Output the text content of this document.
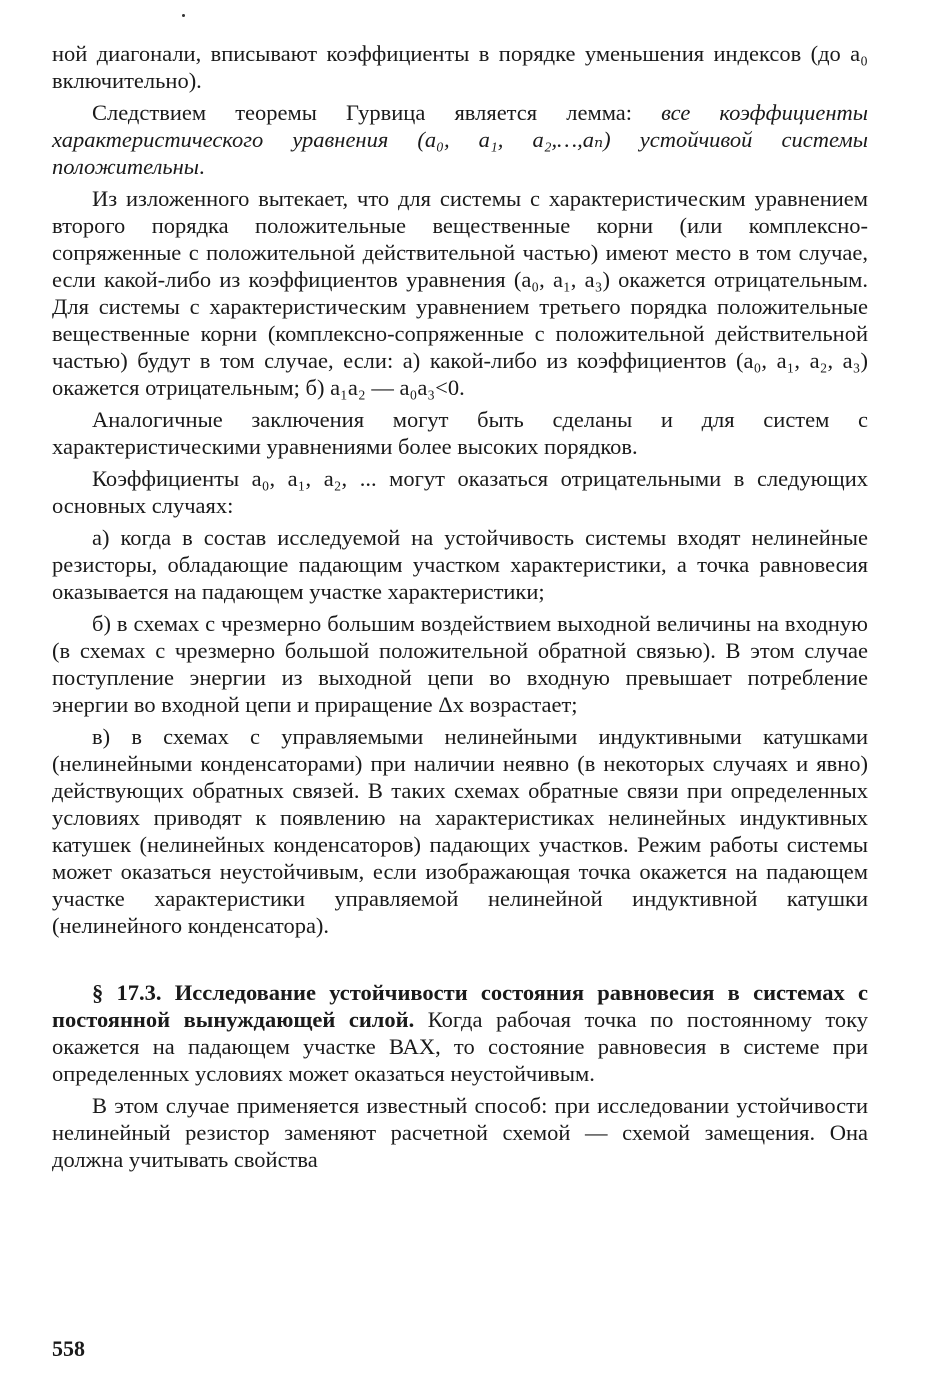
ной диагонали, вписывают коэффициенты в порядке уменьшения индексов (до a₀ включительно).

Следствием теоремы Гурвица является лемма: все коэффициенты характеристического уравнения (a₀, a₁, a₂,…,aₙ) устойчивой системы положительны.

Из изложенного вытекает, что для системы с характеристическим уравнением второго порядка положительные вещественные корни (или комплексно-сопряженные с положительной действительной частью) имеют место в том случае, если какой-либо из коэффициентов уравнения (a₀, a₁, a₃) окажется отрицательным. Для системы с характеристическим уравнением третьего порядка положительные вещественные корни (комплексно-сопряженные с положительной действительной частью) будут в том случае, если: а) какой-либо из коэффициентов (a₀, a₁, a₂, a₃) окажется отрицательным; б) a₁a₂ — a₀a₃<0.

Аналогичные заключения могут быть сделаны и для систем с характеристическими уравнениями более высоких порядков.

Коэффициенты a₀, a₁, a₂, ... могут оказаться отрицательными в следующих основных случаях:

а) когда в состав исследуемой на устойчивость системы входят нелинейные резисторы, обладающие падающим участком характеристики, а точка равновесия оказывается на падающем участке характеристики;

б) в схемах с чрезмерно большим воздействием выходной величины на входную (в схемах с чрезмерно большой положительной обратной связью). В этом случае поступление энергии из выходной цепи во входную превышает потребление энергии во входной цепи и приращение Δx возрастает;

в) в схемах с управляемыми нелинейными индуктивными катушками (нелинейными конденсаторами) при наличии неявно (в некоторых случаях и явно) действующих обратных связей. В таких схемах обратные связи при определенных условиях приводят к появлению на характеристиках нелинейных индуктивных катушек (нелинейных конденсаторов) падающих участков. Режим работы системы может оказаться неустойчивым, если изображающая точка окажется на падающем участке характеристики управляемой нелинейной индуктивной катушки (нелинейного конденсатора).

§ 17.3. Исследование устойчивости состояния равновесия в системах с постоянной вынуждающей силой. Когда рабочая точка по постоянному току окажется на падающем участке ВАХ, то состояние равновесия в системе при определенных условиях может оказаться неустойчивым.

В этом случае применяется известный способ: при исследовании устойчивости нелинейный резистор заменяют расчетной схемой — схемой замещения. Она должна учитывать свойства

558
